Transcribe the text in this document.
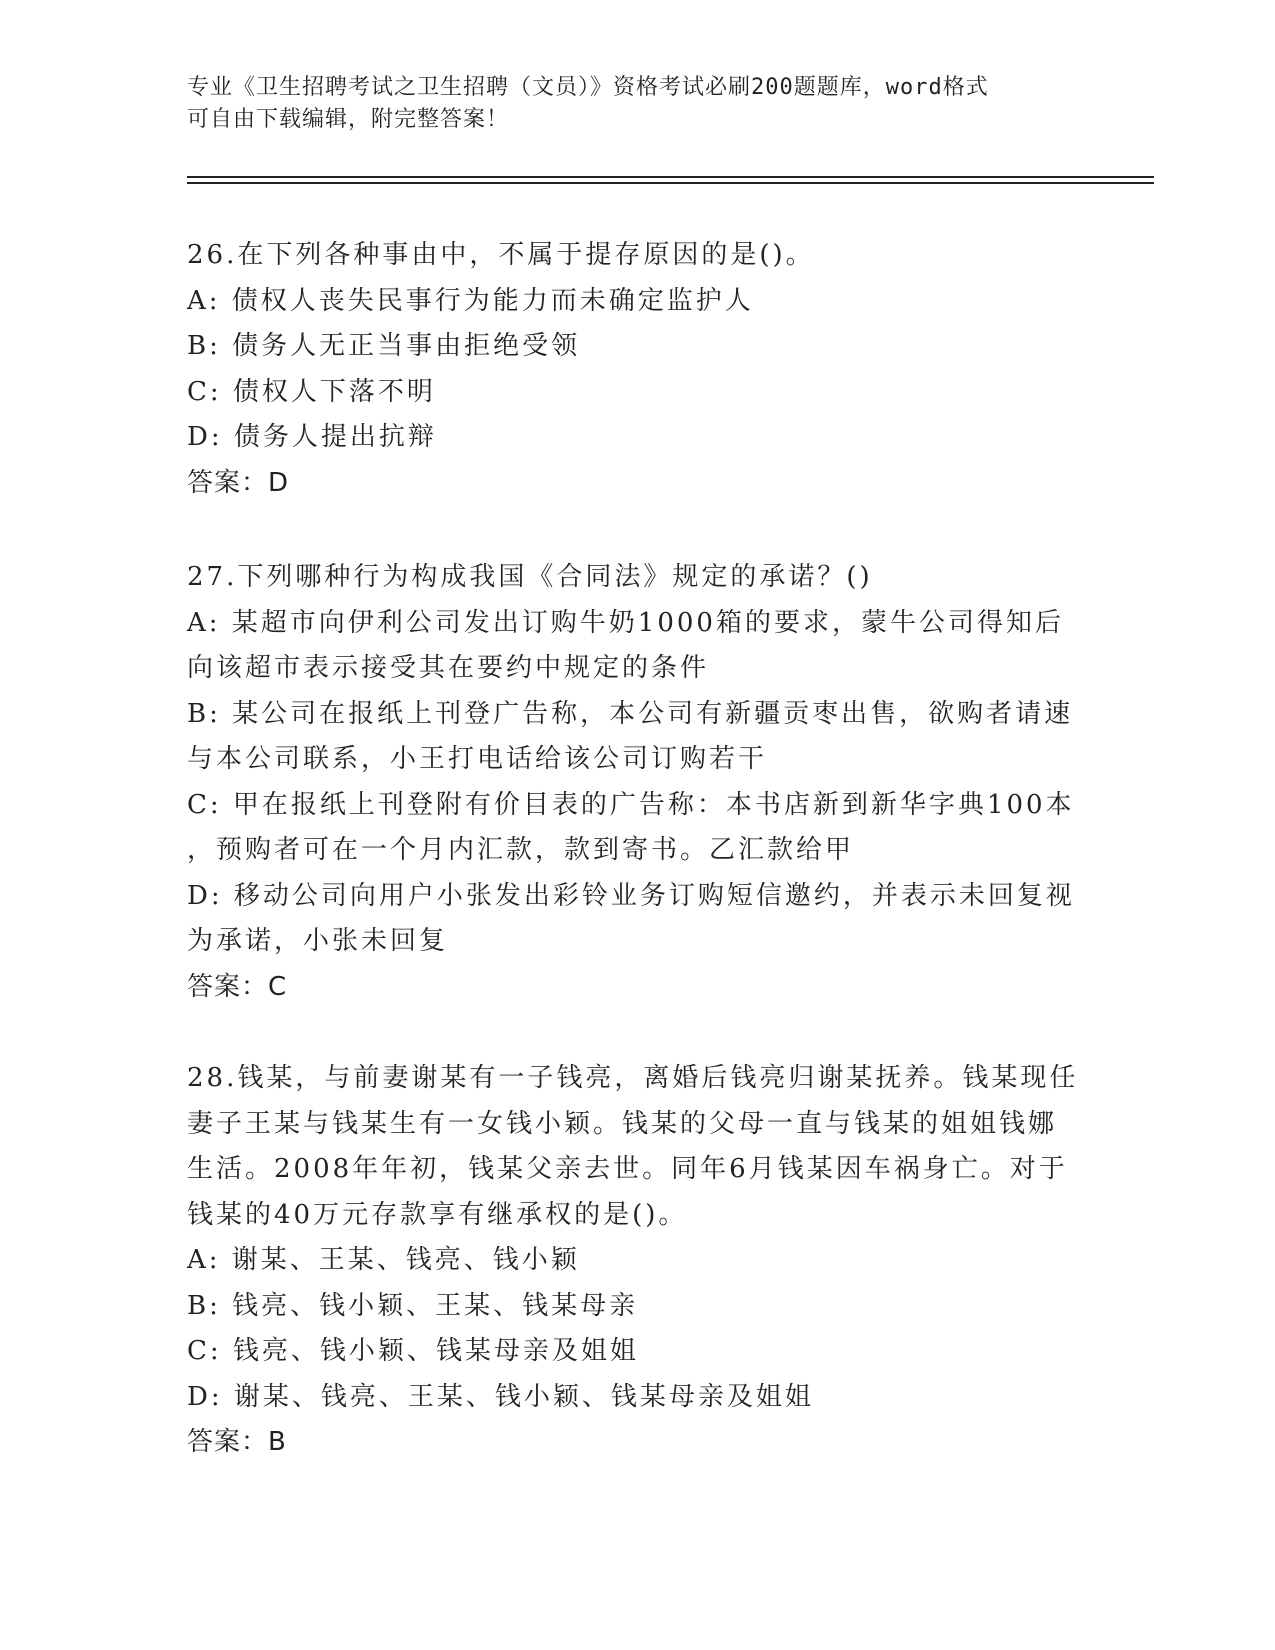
专业《卫生招聘考试之卫生招聘（文员）》资格考试必刷200题题库，word格式
可自由下载编辑，附完整答案！
26.在下列各种事由中，不属于提存原因的是()。
A: 债权人丧失民事行为能力而未确定监护人
B: 债务人无正当事由拒绝受领
C: 债权人下落不明
D: 债务人提出抗辩
答案：D
27.下列哪种行为构成我国《合同法》规定的承诺？()
A: 某超市向伊利公司发出订购牛奶1000箱的要求，蒙牛公司得知后
向该超市表示接受其在要约中规定的条件
B: 某公司在报纸上刊登广告称，本公司有新疆贡枣出售，欲购者请速
与本公司联系，小王打电话给该公司订购若干
C: 甲在报纸上刊登附有价目表的广告称：本书店新到新华字典100本
，预购者可在一个月内汇款，款到寄书。乙汇款给甲
D: 移动公司向用户小张发出彩铃业务订购短信邀约，并表示未回复视
为承诺，小张未回复
答案：C
28.钱某，与前妻谢某有一子钱亮，离婚后钱亮归谢某抚养。钱某现任
妻子王某与钱某生有一女钱小颖。钱某的父母一直与钱某的姐姐钱娜
生活。2008年年初，钱某父亲去世。同年6月钱某因车祸身亡。对于
钱某的40万元存款享有继承权的是()。
A: 谢某、王某、钱亮、钱小颖
B: 钱亮、钱小颖、王某、钱某母亲
C: 钱亮、钱小颖、钱某母亲及姐姐
D: 谢某、钱亮、王某、钱小颖、钱某母亲及姐姐
答案：B
